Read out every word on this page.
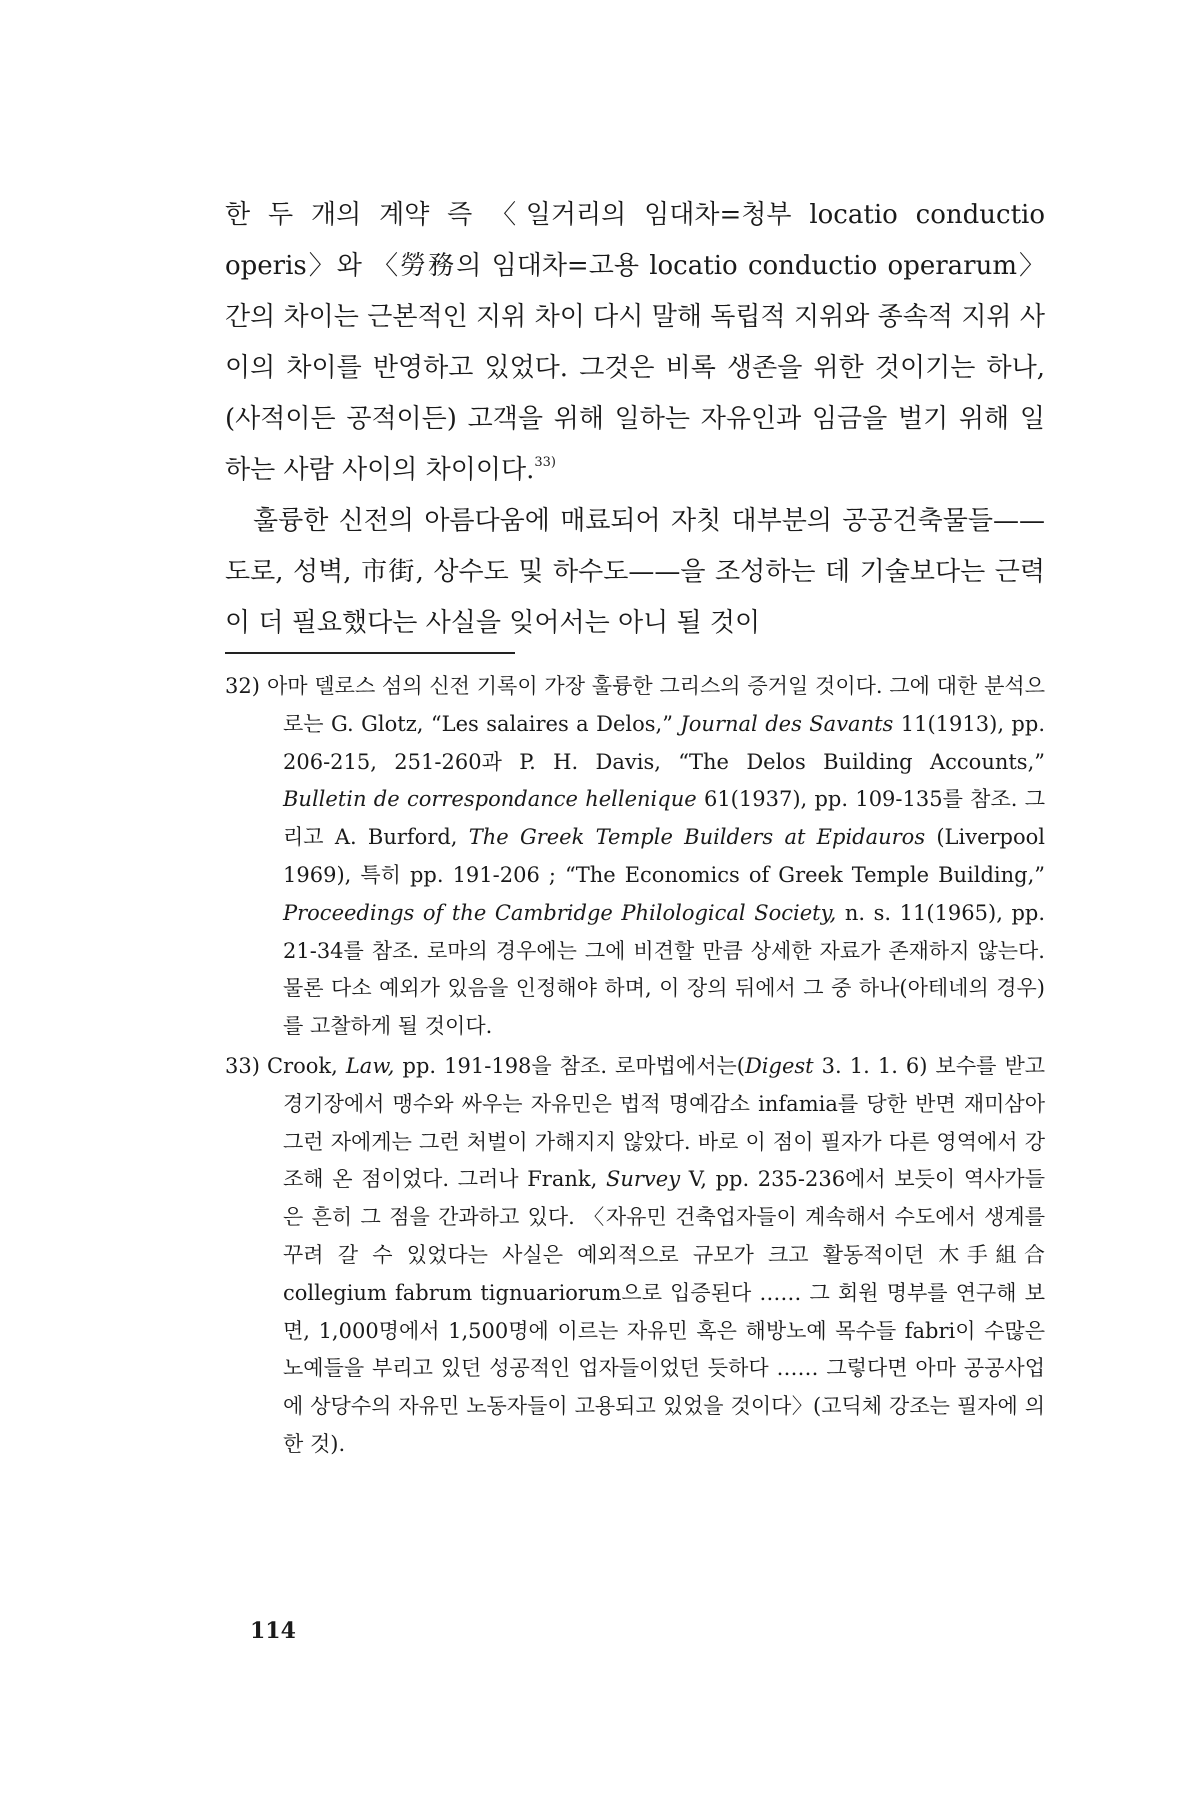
한 두 개의 계약 즉 〈일거리의 임대차=청부 locatio conductio operis〉와 〈勞務의 임대차=고용 locatio conductio operarum〉 간의 차이는 근본적인 지위 차이 다시 말해 독립적 지위와 종속적 지위 사이의 차이를 반영하고 있었다. 그것은 비록 생존을 위한 것이기는 하나, (사적이든 공적이든) 고객을 위해 일하는 자유인과 임금을 벌기 위해 일하는 사람 사이의 차이이다.$^{33)}$

훌륭한 신전의 아름다움에 매료되어 자칫 대부분의 공공건축물들——도로, 성벽, 市街, 상수도 및 하수도——을 조성하는 데 기술보다는 근력이 더 필요했다는 사실을 잊어서는 아니 될 것이

32) 아마 델로스 섬의 신전 기록이 가장 훌륭한 그리스의 증거일 것이다. 그에 대한 분석으로는 G. Glotz, “Les salaires a Delos,” Journal des Savants 11(1913), pp. 206-215, 251-260과 P. H. Davis, “The Delos Building Accounts,” Bulletin de correspondance hellenique 61(1937), pp. 109-135를 참조. 그리고 A. Burford, The Greek Temple Builders at Epidauros (Liverpool 1969), 특히 pp. 191-206 ; “The Economics of Greek Temple Building,” Proceedings of the Cambridge Philological Society, n. s. 11(1965), pp. 21-34를 참조. 로마의 경우에는 그에 비견할 만큼 상세한 자료가 존재하지 않는다. 물론 다소 예외가 있음을 인정해야 하며, 이 장의 뒤에서 그 중 하나(아테네의 경우)를 고찰하게 될 것이다.

33) Crook, Law, pp. 191-198을 참조. 로마법에서는(Digest 3. 1. 1. 6) 보수를 받고 경기장에서 맹수와 싸우는 자유민은 법적 명예감소 infamia를 당한 반면 재미삼아 그런 자에게는 그런 처벌이 가해지지 않았다. 바로 이 점이 필자가 다른 영역에서 강조해 온 점이었다. 그러나 Frank, Survey V, pp. 235-236에서 보듯이 역사가들은 흔히 그 점을 간과하고 있다. 〈자유민 건축업자들이 계속해서 수도에서 생계를 꾸려 갈 수 있었다는 사실은 예외적으로 규모가 크고 활동적이던 木手組合 collegium fabrum tignuariorum으로 입증된다 …… 그 회원 명부를 연구해 보면, 1,000명에서 1,500명에 이르는 자유민 혹은 해방노예 목수들 fabri이 수많은 노예들을 부리고 있던 성공적인 업자들이었던 듯하다 …… 그렇다면 아마 공공사업에 상당수의 자유민 노동자들이 고용되고 있었을 것이다〉(고딕체 강조는 필자에 의한 것).

114
